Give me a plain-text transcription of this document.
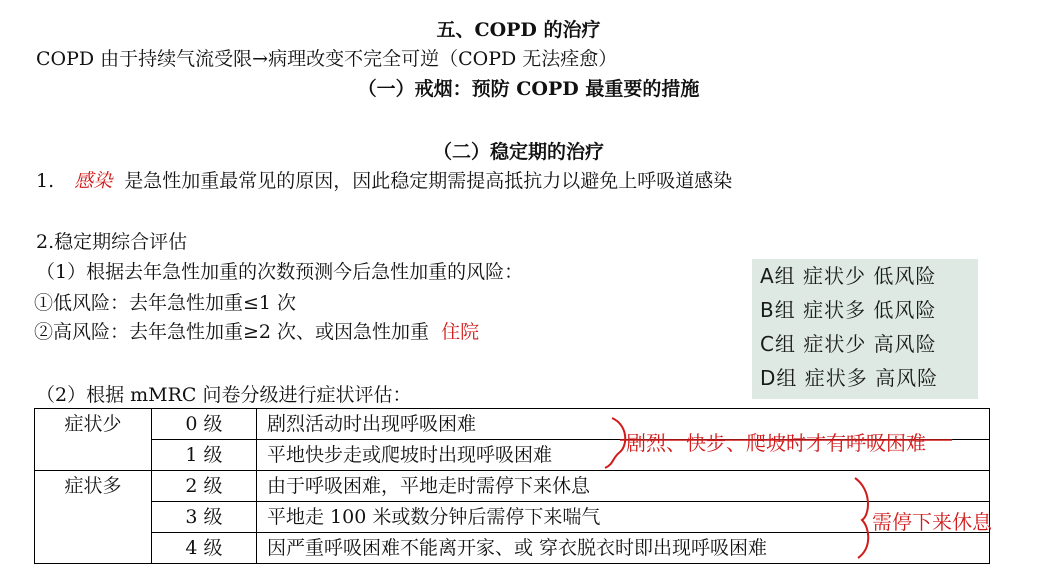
五、COPD 的治疗
COPD 由于持续气流受限→病理改变不完全可逆（COPD 无法痊愈）
（一）戒烟：预防 COPD 最重要的措施
（二）稳定期的治疗
1. 感染 是急性加重最常见的原因，因此稳定期需提高抵抗力以避免上呼吸道感染
2.稳定期综合评估
（1）根据去年急性加重的次数预测今后急性加重的风险：
①低风险：去年急性加重≤1 次
②高风险：去年急性加重≥2 次、或因急性加重 住院
（2）根据 mMRC 问卷分级进行症状评估：
A组 症状少 低风险
B组 症状多 低风险
C组 症状少 高风险
D组 症状多 高风险
症状少	0 级	剧烈活动时出现呼吸困难
	1 级	平地快步走或爬坡时出现呼吸困难
症状多	2 级	由于呼吸困难，平地走时需停下来休息
	3 级	平地走 100 米或数分钟后需停下来喘气
	4 级	因严重呼吸困难不能离开家、或 穿衣脱衣时即出现呼吸困难
剧烈、快步、爬坡时才有呼吸困难
需停下来休息
